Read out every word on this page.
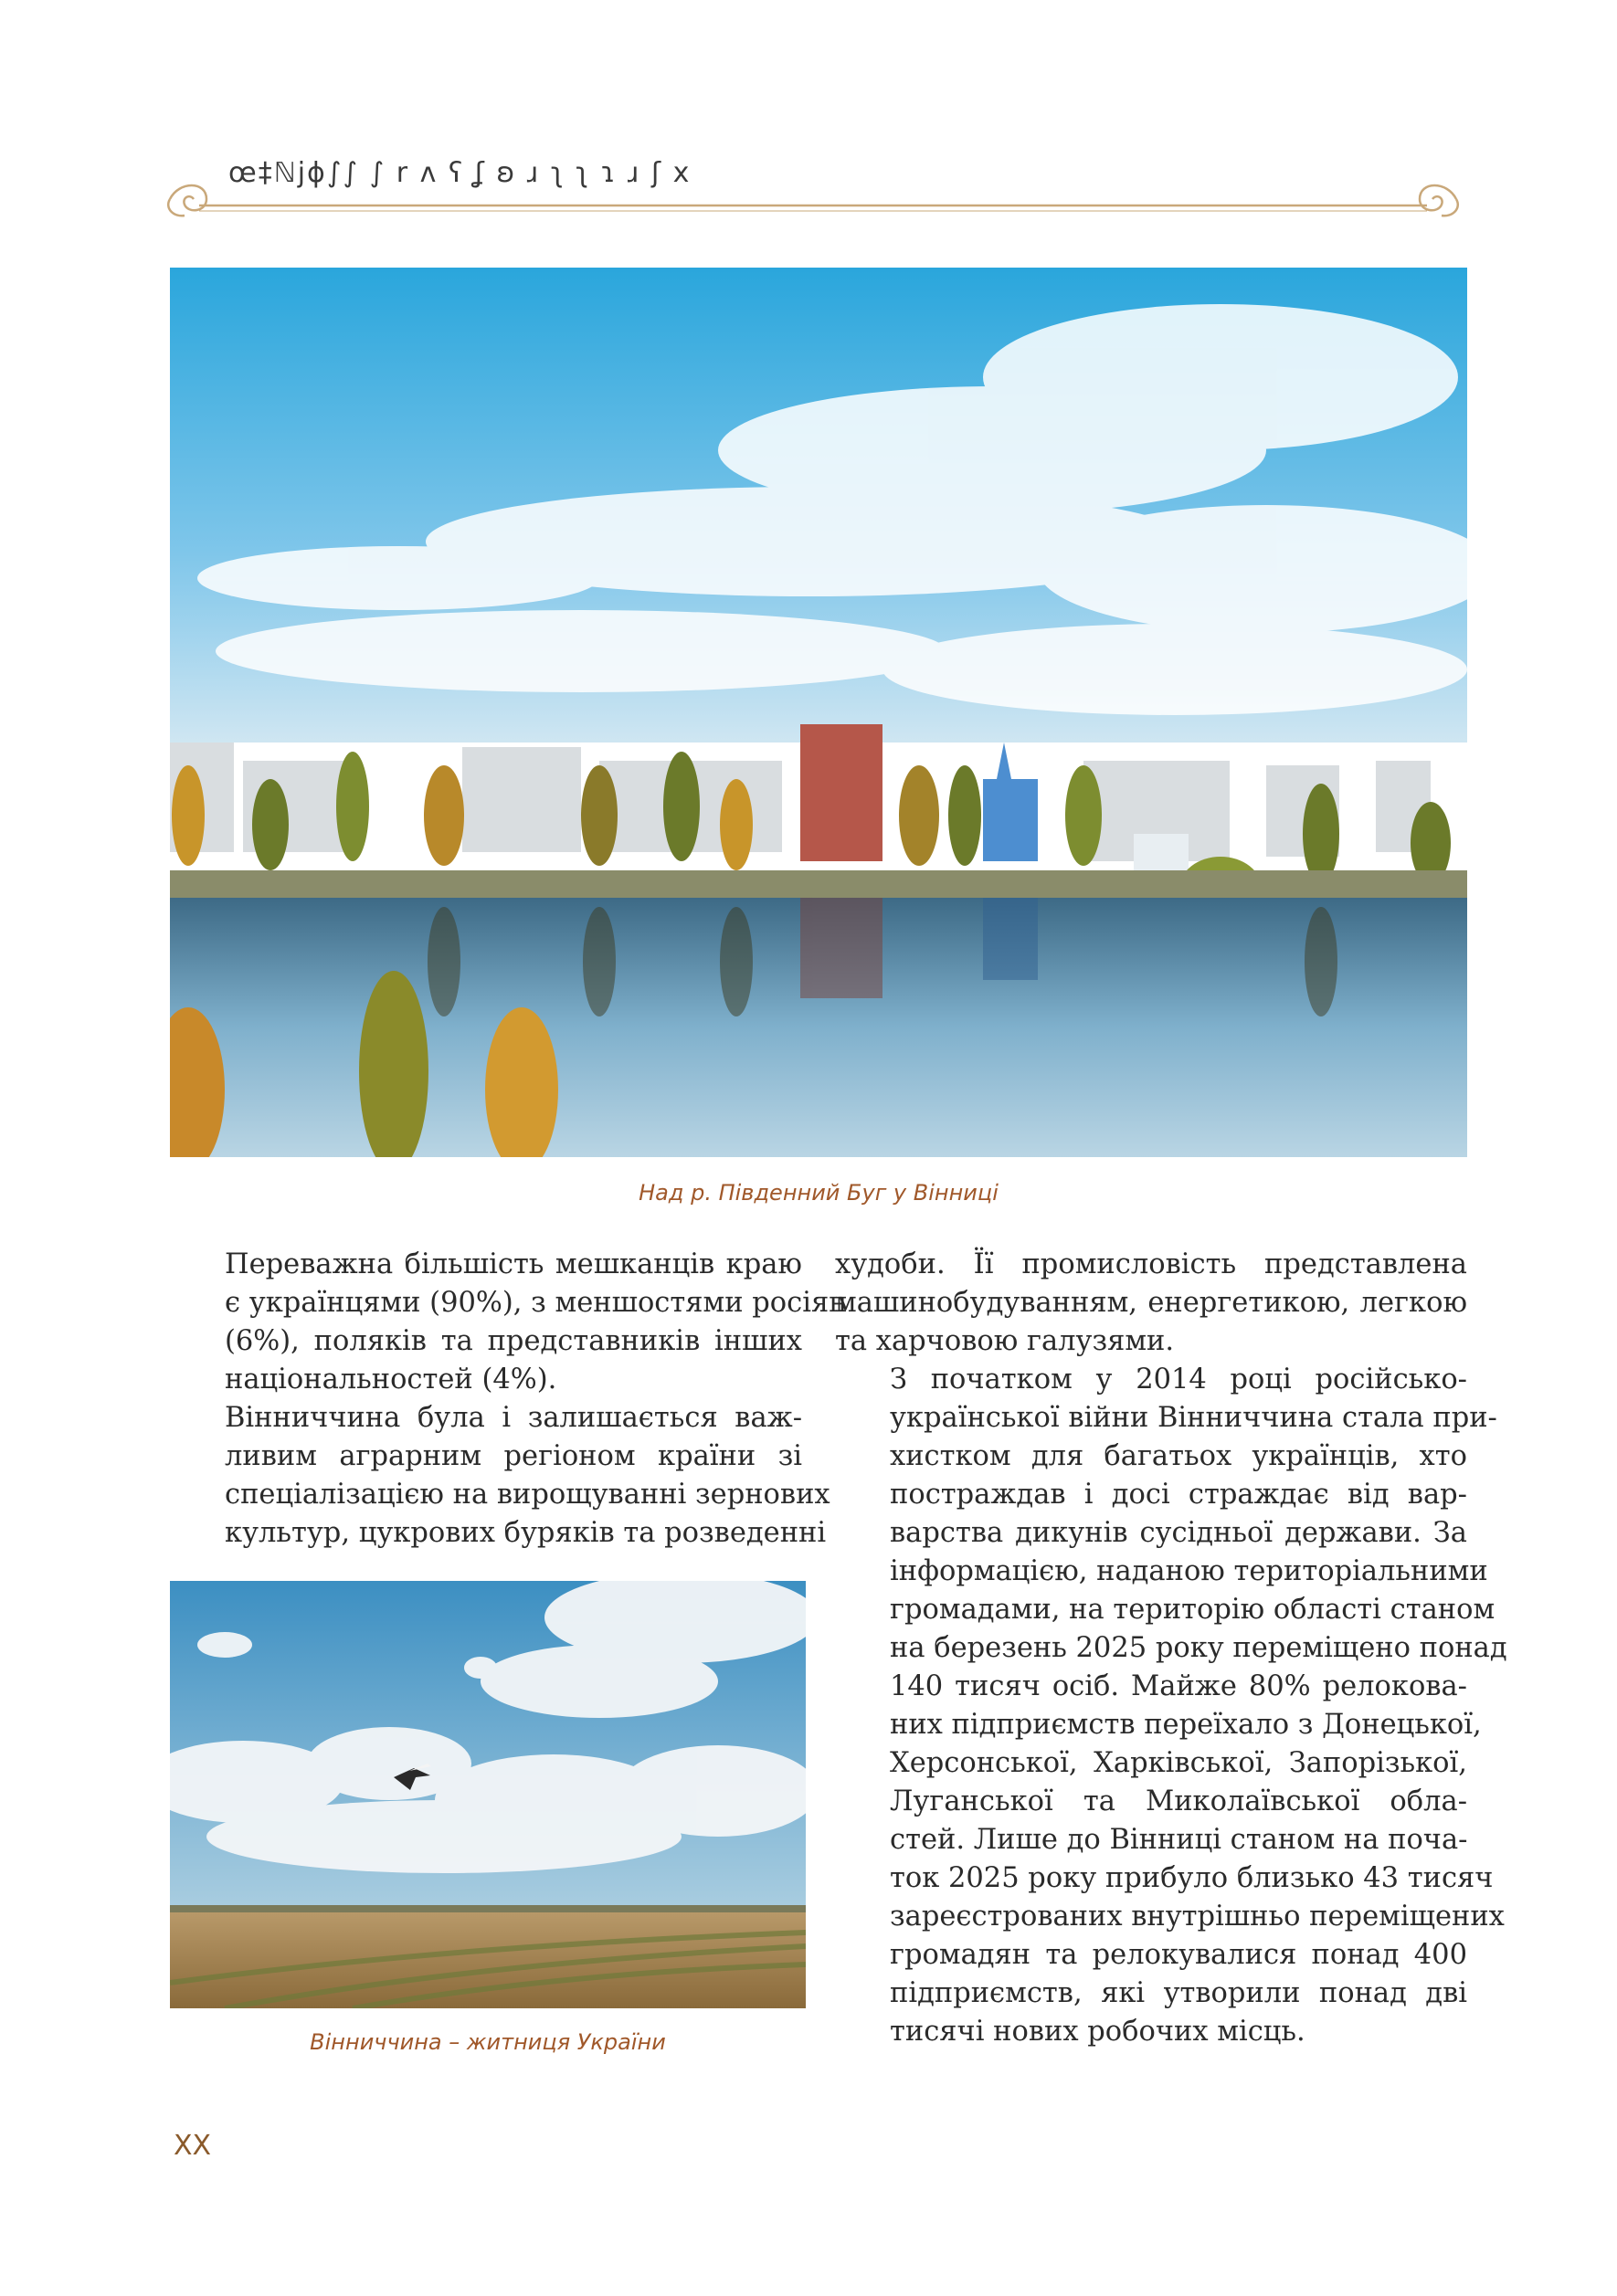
œ‡ℕjϕ∫∫ ∫ r ʌ ʕ ʆ ʚ ɹ ʅ ʅ ɿ ɹ ʃ ⅹ
Над р. Південний Буг у Вінниці

Переважна більшість мешканців краю
є українцями (90%), з меншостями росіян
(6%), поляків та представників інших
національностей (4%).

Вінниччина була і залишається важ-
ливим аграрним регіоном країни зі
спеціалізацією на вирощуванні зернових
культур, цукрових буряків та розведенні

Вінниччина – житниця України

худоби. Її промисловість представлена
машинобудуванням, енергетикою, легкою
та харчовою галузями.

З початком у 2014 році російсько-
української війни Вінниччина стала при-
хистком для багатьох українців, хто
постраждав і досі страждає від вар-
варства дикунів сусідньої держави. За
інформацією, наданою територіальними
громадами, на територію області станом
на березень 2025 року переміщено понад
140 тисяч осіб. Майже 80% релокова-
них підприємств переїхало з Донецької,
Херсонської, Харківської, Запорізької,
Луганської та Миколаївської обла-
стей. Лише до Вінниці станом на поча-
ток 2025 року прибуло близько 43 тисяч
зареєстрованих внутрішньо переміщених
громадян та релокувалися понад 400
підприємств, які утворили понад дві
тисячі нових робочих місць.

ⅩⅩ
